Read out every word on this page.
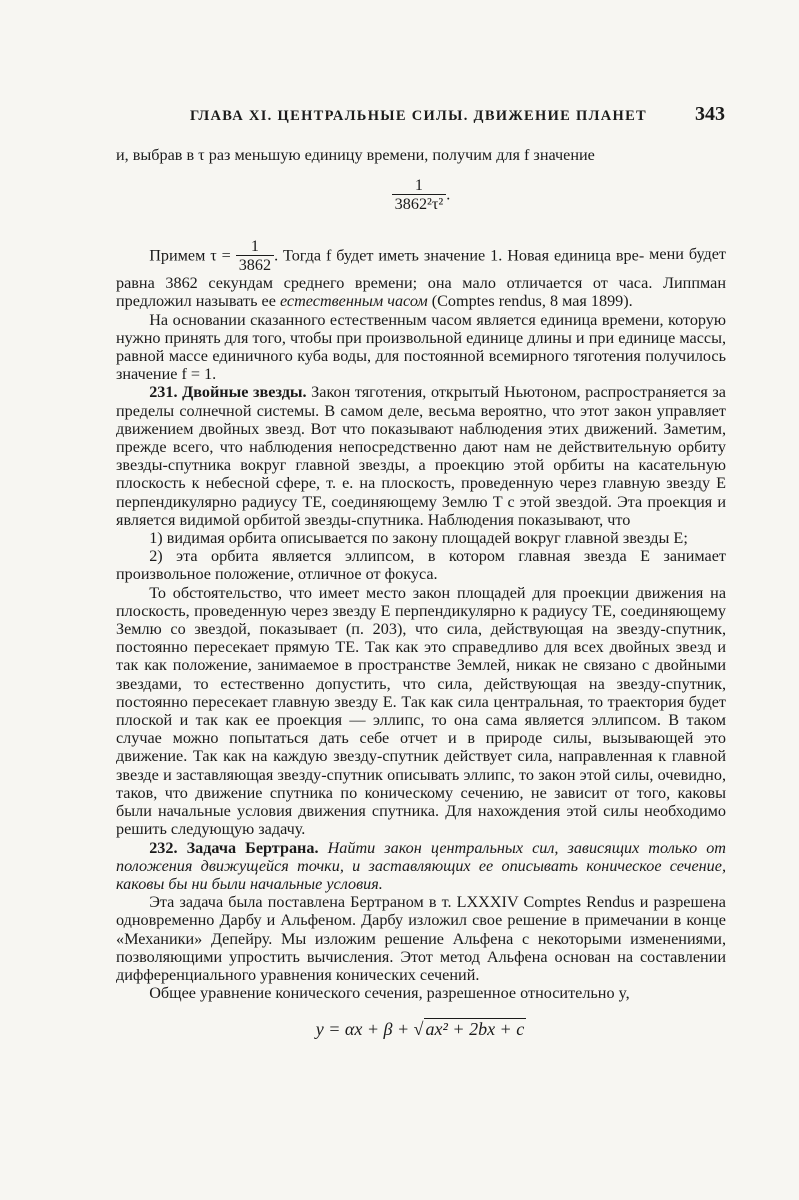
ГЛАВА XI. ЦЕНТРАЛЬНЫЕ СИЛЫ. ДВИЖЕНИЕ ПЛАНЕТ 343

и, выбрав в τ раз меньшую единицу времени, получим для f значение

$\frac{1}{\text{3862²τ²}}$ .

Примем $\tau = \frac{1}{3862}$ . Тогда f будет иметь значение 1. Новая единица вре- мени будет равна 3862 секундам среднего времени; она мало отличается от часа. Липпман предложил называть ее естественным часом (Comptes rendus, 8 мая 1899).

На основании сказанного естественным часом является единица времени, которую нужно принять для того, чтобы при произвольной единице длины и при единице массы, равной массе единичного куба воды, для постоянной всемирного тяготения получилось значение f = 1.

231. Двойные звезды. Закон тяготения, открытый Ньютоном, распространяется за пределы солнечной системы. В самом деле, весьма вероятно, что этот закон управляет движением двойных звезд. Вот что показывают наблюдения этих движений. Заметим, прежде всего, что наблюдения непосредственно дают нам не действительную орбиту звезды-спутника вокруг главной звезды, а проекцию этой орбиты на касательную плоскость к небесной сфере, т. е. на плоскость, проведенную через главную звезду E перпендикулярно радиусу TE, соединяющему Землю T с этой звездой. Эта проекция и является видимой орбитой звезды-спутника. Наблюдения показывают, что

1) видимая орбита описывается по закону площадей вокруг главной звезды E;

2) эта орбита является эллипсом, в котором главная звезда E занимает произвольное положение, отличное от фокуса.

То обстоятельство, что имеет место закон площадей для проекции движения на плоскость, проведенную через звезду E перпендикулярно к радиусу TE, соединяющему Землю со звездой, показывает (п. 203), что сила, действующая на звезду-спутник, постоянно пересекает прямую TE. Так как это справедливо для всех двойных звезд и так как положение, занимаемое в пространстве Землей, никак не связано с двойными звездами, то естественно допустить, что сила, действующая на звезду-спутник, постоянно пересекает главную звезду E. Так как сила центральная, то траектория будет плоской и так как ее проекция — эллипс, то она сама является эллипсом. В таком случае можно попытаться дать себе отчет и в природе силы, вызывающей это движение. Так как на каждую звезду-спутник действует сила, направленная к главной звезде и заставляющая звезду-спутник описывать эллипс, то закон этой силы, очевидно, таков, что движение спутника по коническому сечению, не зависит от того, каковы были начальные условия движения спутника. Для нахождения этой силы необходимо решить следующую задачу.

232. Задача Бертрана. Найти закон центральных сил, зависящих только от положения движущейся точки, и заставляющих ее описывать коническое сечение, каковы бы ни были начальные условия.

Эта задача была поставлена Бертраном в т. LXXXIV Comptes Rendus и разрешена одновременно Дарбу и Альфеном. Дарбу изложил свое решение в примечании в конце «Механики» Депейру. Мы изложим решение Альфена с некоторыми изменениями, позволяющими упростить вычисления. Этот метод Альфена основан на составлении дифференциального уравнения конических сечений.

Общее уравнение конического сечения, разрешенное относительно y,

y = αx + β + √ ax² + 2bx + c
